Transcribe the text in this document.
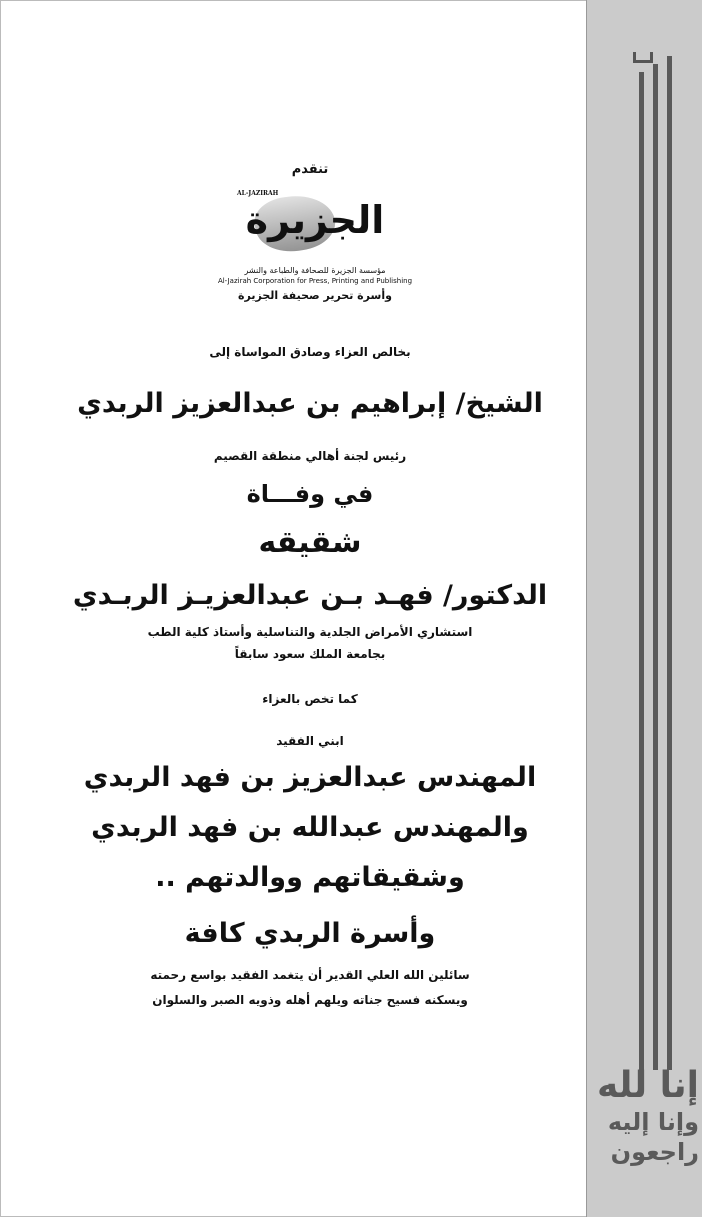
تنقدم
AL-JAZIRAH
الجزيرة
مؤسسة الجزيرة للصحافة والطباعة والنشر
Al-Jazirah Corporation for Press, Printing and Publishing
وأسرة تحرير صحيفة الجزيرة
بخالص العزاء وصادق المواساة إلى
الشيخ/ إبراهيم بن عبدالعزيز الربدي
رئيس لجنة أهالي منطقة القصيم
في وفـــاة
شقيقه
الدكتور/ فهـد بـن عبدالعزيـز الربـدي
استشاري الأمراض الجلدية والتناسلية وأستاذ كلية الطب
بجامعة الملك سعود سابقاً
كما تخص بالعزاء
ابني الفقيد
المهندس عبدالعزيز بن فهد الربدي
والمهندس عبدالله بن فهد الربدي
وشقيقاتهم ووالدتهم ..
وأسرة الربدي كافة
سائلين الله العلي القدير أن يتغمد الفقيد بواسع رحمته
ويسكنه فسيح جناته ويلهم أهله وذويه الصبر والسلوان
إنا لله
وإنا إليه
راجعون
